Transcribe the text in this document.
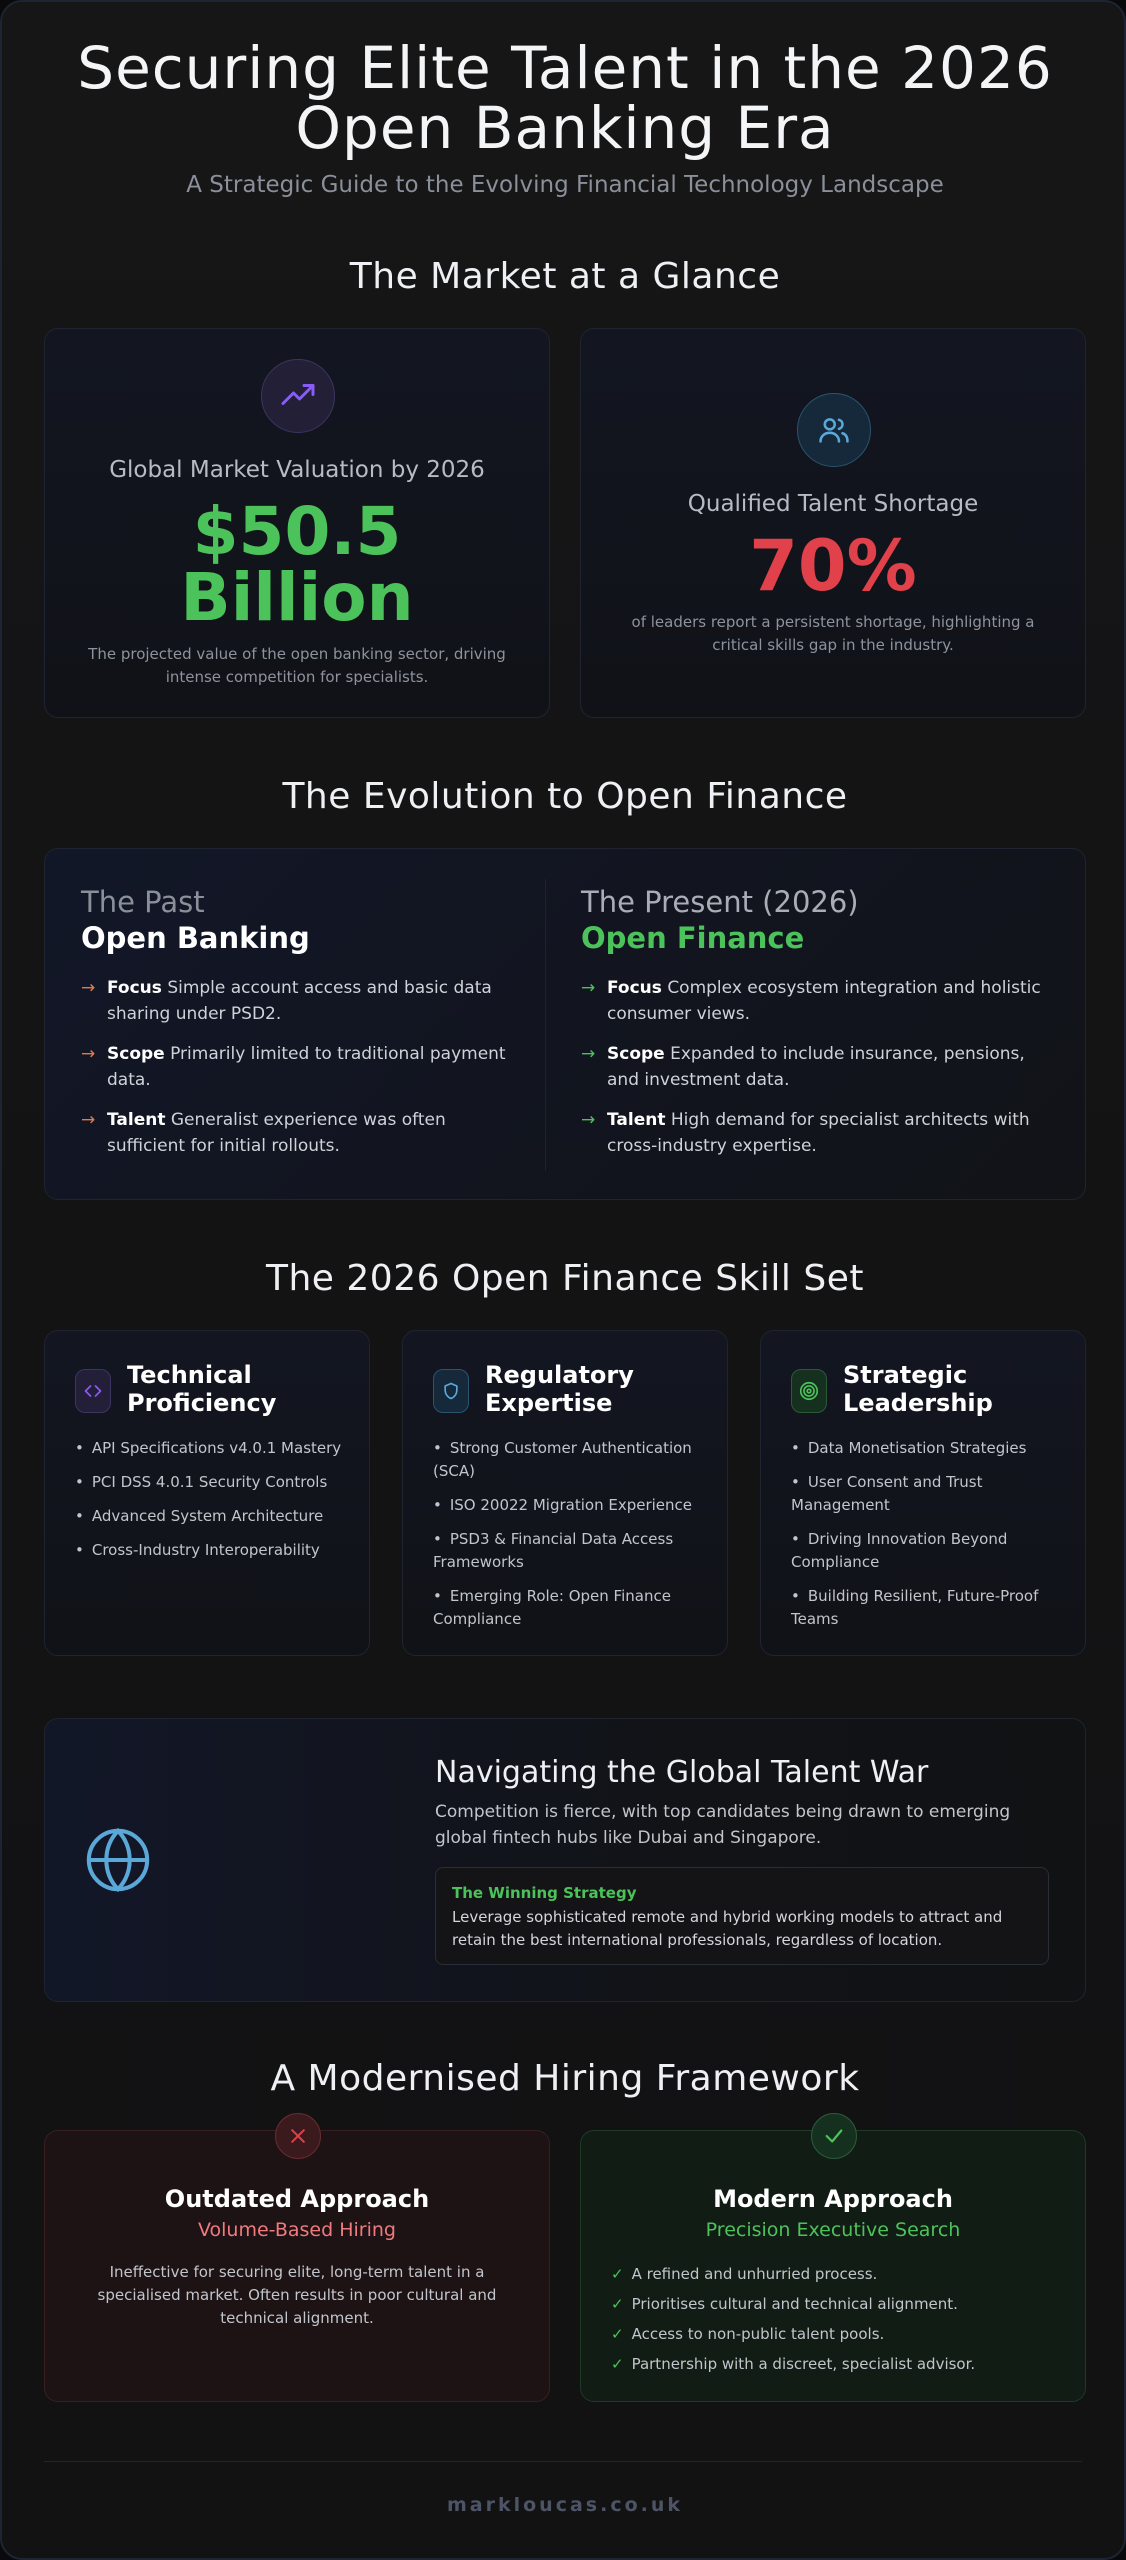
Securing Elite Talent in the 2026
Open Banking Era
A Strategic Guide to the Evolving Financial Technology Landscape
The Market at a Glance
Global Market Valuation by 2026
$50.5
Billion
The projected value of the open banking sector, driving intense competition for specialists.
Qualified Talent Shortage
70%
of leaders report a persistent shortage, highlighting a critical skills gap in the industry.
The Evolution to Open Finance
The Past
Open Banking
→ Focus Simple account access and basic data sharing under PSD2.
→ Scope Primarily limited to traditional payment data.
→ Talent Generalist experience was often sufficient for initial rollouts.
The Present (2026)
Open Finance
→ Focus Complex ecosystem integration and holistic consumer views.
→ Scope Expanded to include insurance, pensions, and investment data.
→ Talent High demand for specialist architects with cross-industry expertise.
The 2026 Open Finance Skill Set
Technical
Proficiency
• API Specifications v4.0.1 Mastery
• PCI DSS 4.0.1 Security Controls
• Advanced System Architecture
• Cross-Industry Interoperability
Regulatory
Expertise
• Strong Customer Authentication (SCA)
• ISO 20022 Migration Experience
• PSD3 & Financial Data Access Frameworks
• Emerging Role: Open Finance Compliance
Strategic
Leadership
• Data Monetisation Strategies
• User Consent and Trust Management
• Driving Innovation Beyond Compliance
• Building Resilient, Future-Proof Teams
Navigating the Global Talent War
Competition is fierce, with top candidates being drawn to emerging global fintech hubs like Dubai and Singapore.
The Winning Strategy
Leverage sophisticated remote and hybrid working models to attract and retain the best international professionals, regardless of location.
A Modernised Hiring Framework
Outdated Approach
Volume-Based Hiring
Ineffective for securing elite, long-term talent in a specialised market. Often results in poor cultural and technical alignment.
Modern Approach
Precision Executive Search
✓ A refined and unhurried process.
✓ Prioritises cultural and technical alignment.
✓ Access to non-public talent pools.
✓ Partnership with a discreet, specialist advisor.
markloucas.co.uk
